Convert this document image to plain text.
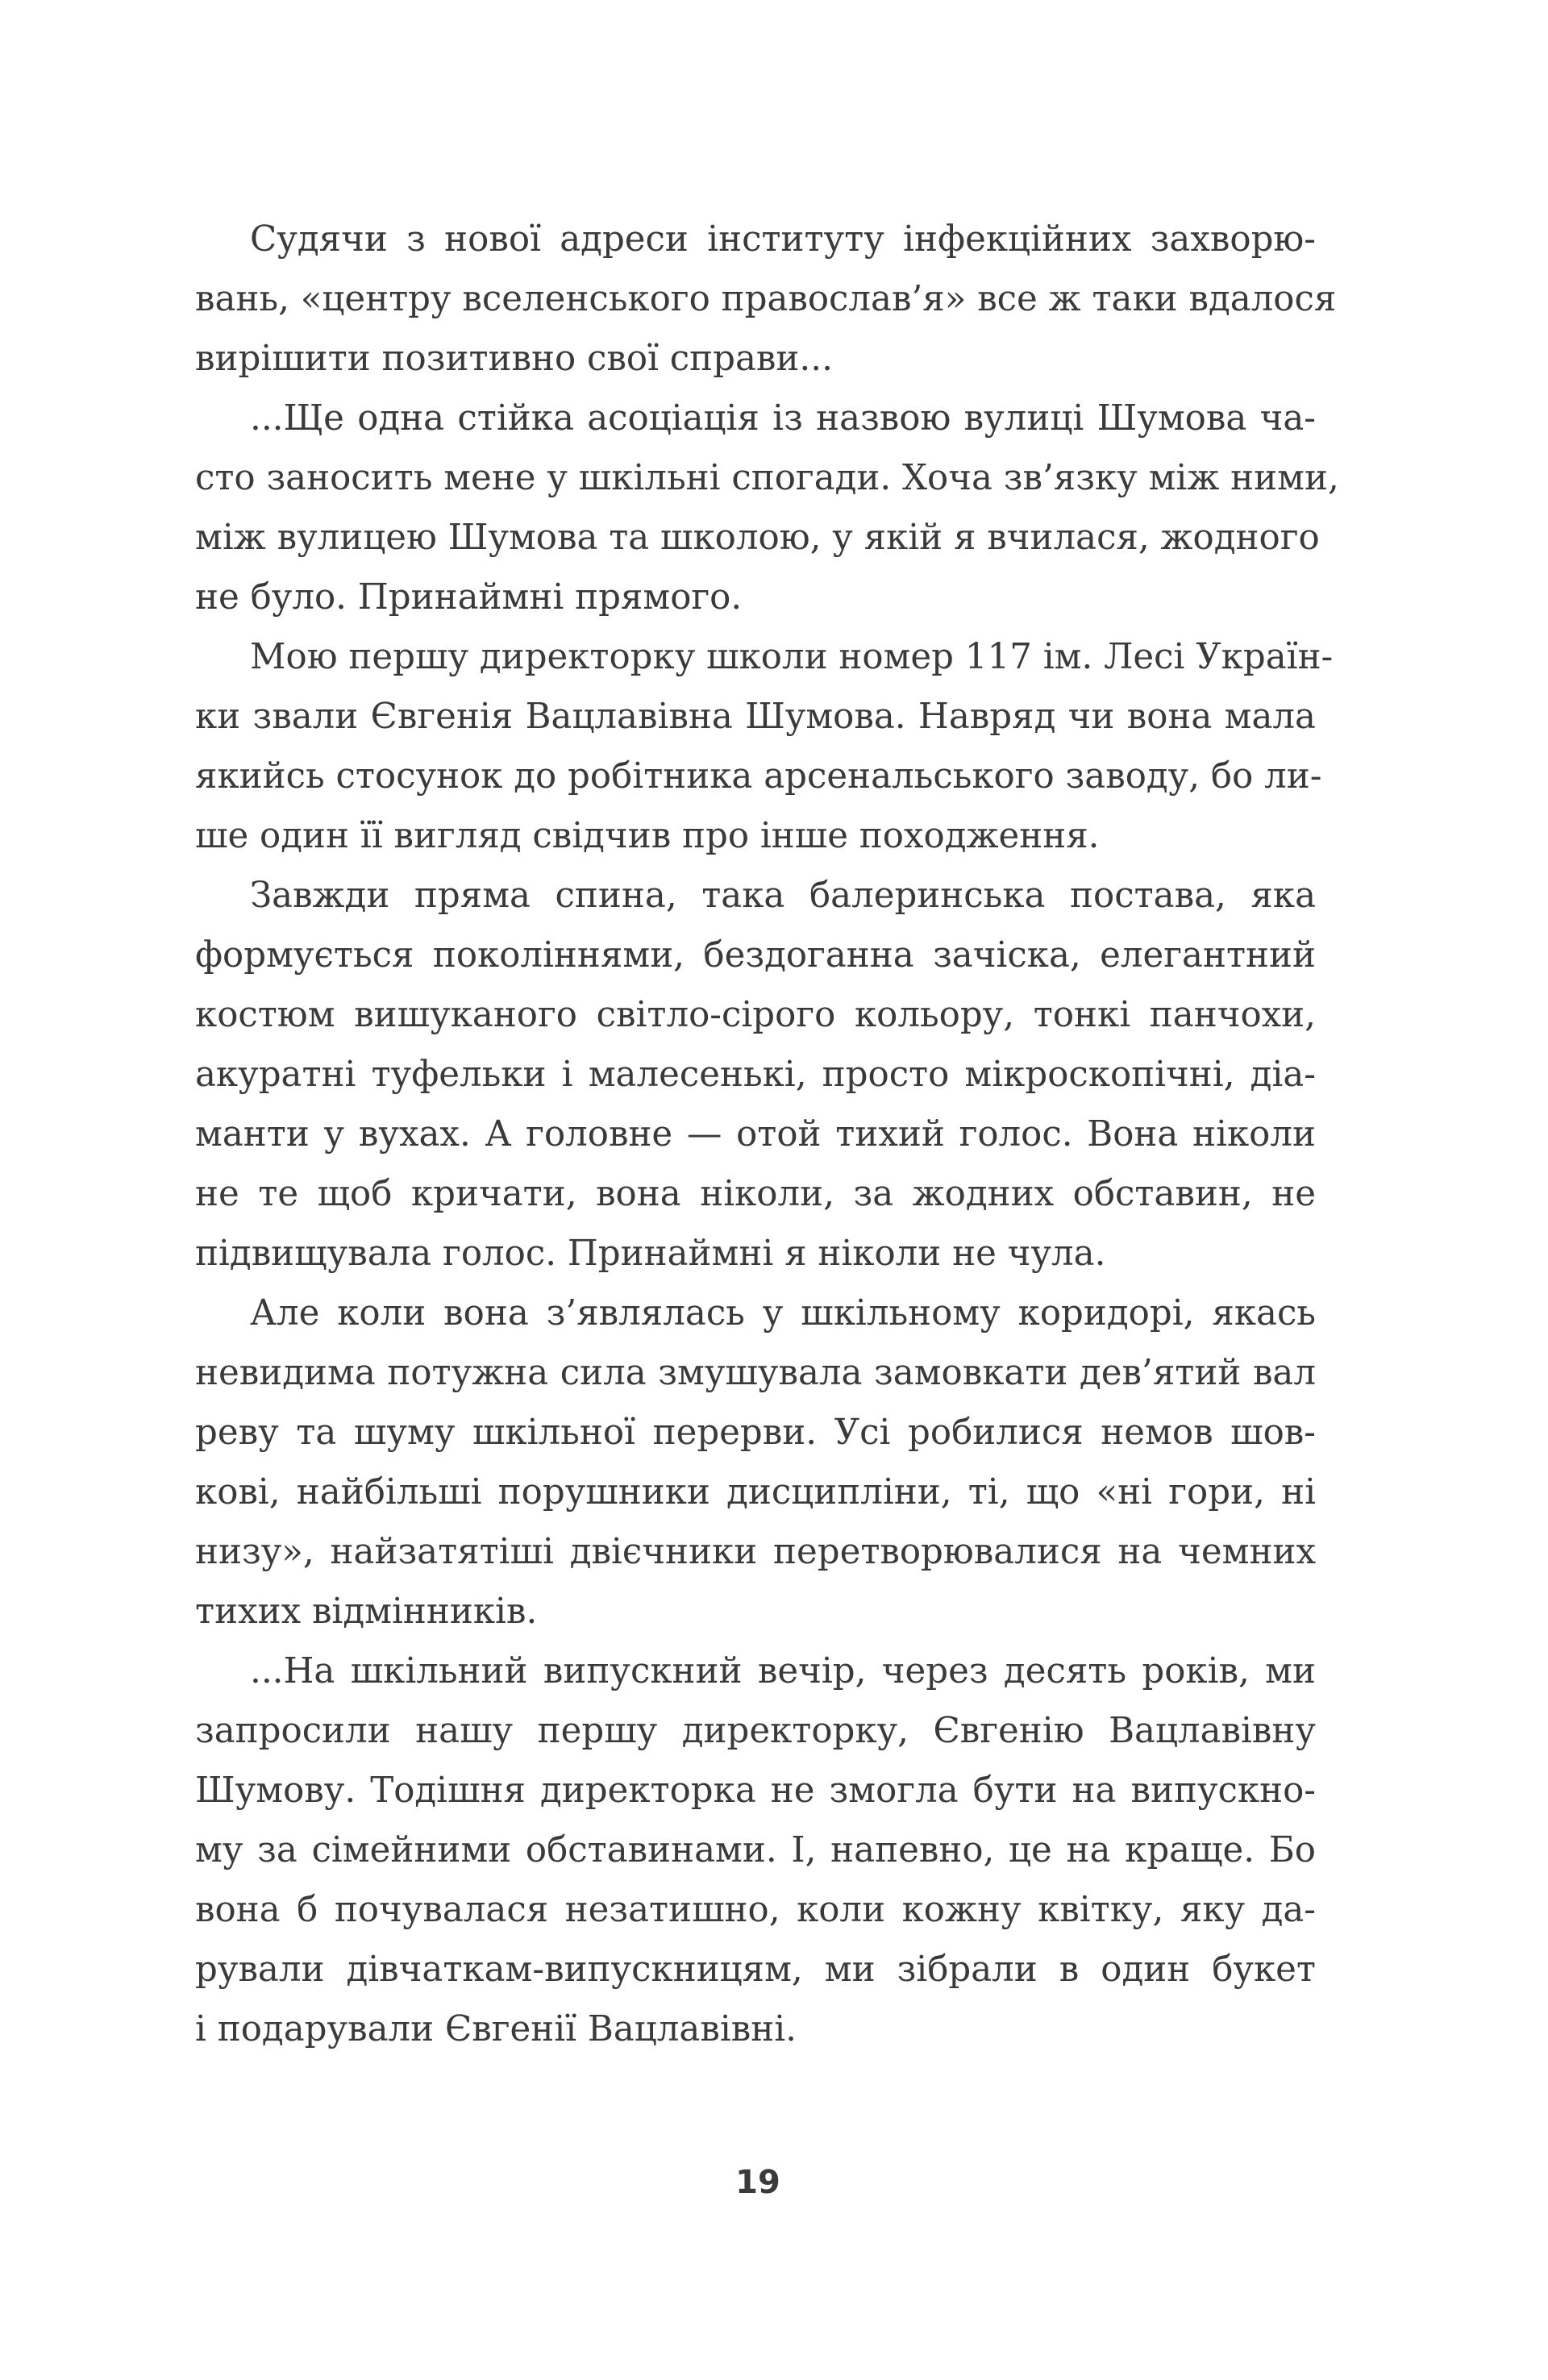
Судячи з нової адреси інституту інфекційних захворю-
вань, «центру вселенського православ’я» все ж таки вдалося
вирішити позитивно свої справи...

...Ще одна стійка асоціація із назвою вулиці Шумова ча-
сто заносить мене у шкільні спогади. Хоча зв’язку між ними,
між вулицею Шумова та школою, у якій я вчилася, жодного
не було. Принаймні прямого.

Мою першу директорку школи номер 117 ім. Лесі Україн-
ки звали Євгенія Вацлавівна Шумова. Навряд чи вона мала
якийсь стосунок до робітника арсенальського заводу, бо ли-
ше один її вигляд свідчив про інше походження.

Завжди пряма спина, така балеринська постава, яка
формується поколіннями, бездоганна зачіска, елегантний
костюм вишуканого світло-сірого кольору, тонкі панчохи,
акуратні туфельки і малесенькі, просто мікроскопічні, діа-
манти у вухах. А головне — отой тихий голос. Вона ніколи
не те щоб кричати, вона ніколи, за жодних обставин, не
підвищувала голос. Принаймні я ніколи не чула.

Але коли вона з’являлась у шкільному коридорі, якась
невидима потужна сила змушувала замовкати дев’ятий вал
реву та шуму шкільної перерви. Усі робилися немов шов-
кові, найбільші порушники дисципліни, ті, що «ні гори, ні
низу», найзатятіші двієчники перетворювалися на чемних
тихих відмінників.

...На шкільний випускний вечір, через десять років, ми
запросили нашу першу директорку, Євгенію Вацлавівну
Шумову. Тодішня директорка не змогла бути на випускно-
му за сімейними обставинами. І, напевно, це на краще. Бо
вона б почувалася незатишно, коли кожну квітку, яку да-
рували дівчаткам-випускницям, ми зібрали в один букет
і подарували Євгенії Вацлавівні.

19
